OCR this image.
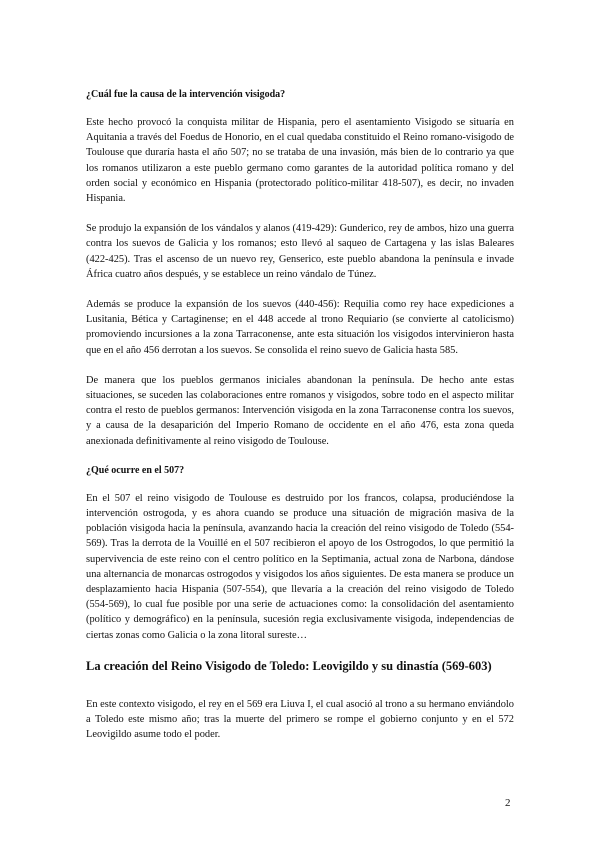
¿Cuál fue la causa de la intervención visigoda?

Este hecho provocó la conquista militar de Hispania, pero el asentamiento Visigodo se situaría en Aquitania a través del Foedus de Honorio, en el cual quedaba constituido el Reino romano-visigodo de Toulouse que duraría hasta el año 507; no se trataba de una invasión, más bien de lo contrario ya que los romanos utilizaron a este pueblo germano como garantes de la autoridad política romano y del orden social y económico en Hispania (protectorado político-militar 418-507), es decir, no invaden Hispania.

Se produjo la expansión de los vándalos y alanos (419-429): Gunderico, rey de ambos, hizo una guerra contra los suevos de Galicia y los romanos; esto llevó al saqueo de Cartagena y las islas Baleares (422-425). Tras el ascenso de un nuevo rey, Genserico, este pueblo abandona la península e invade África cuatro años después, y se establece un reino vándalo de Túnez.

Además se produce la expansión de los suevos (440-456): Requilia como rey hace expediciones a Lusitania, Bética y Cartaginense; en el 448 accede al trono Requiario (se convierte al catolicismo) promoviendo incursiones a la zona Tarraconense, ante esta situación los visigodos intervinieron hasta que en el año 456 derrotan a los suevos. Se consolida el reino suevo de Galicia hasta 585.

De manera que los pueblos germanos iniciales abandonan la península. De hecho ante estas situaciones, se suceden las colaboraciones entre romanos y visigodos, sobre todo en el aspecto militar contra el resto de pueblos germanos: Intervención visigoda en la zona Tarraconense contra los suevos, y a causa de la desaparición del Imperio Romano de occidente en el año 476, esta zona queda anexionada definitivamente al reino visigodo de Toulouse.

¿Qué ocurre en el 507?

En el 507 el reino visigodo de Toulouse es destruido por los francos, colapsa, produciéndose la intervención ostrogoda, y es ahora cuando se produce una situación de migración masiva de la población visigoda hacia la península, avanzando hacia la creación del reino visigodo de Toledo (554-569). Tras la derrota de la Vouillé en el 507 recibieron el apoyo de los Ostrogodos, lo que permitió la supervivencia de este reino con el centro político en la Septimania, actual zona de Narbona, dándose una alternancia de monarcas ostrogodos y visigodos los años siguientes. De esta manera se produce un desplazamiento hacia Hispania (507-554), que llevaría a la creación del reino visigodo de Toledo (554-569), lo cual fue posible por una serie de actuaciones como: la consolidación del asentamiento (político y demográfico) en la península, sucesión regia exclusivamente visigoda, independencias de ciertas zonas como Galicia o la zona litoral sureste…

La creación del Reino Visigodo de Toledo: Leovigildo y su dinastía (569-603)

En este contexto visigodo, el rey en el 569 era Liuva I, el cual asoció al trono a su hermano enviándolo a Toledo este mismo año; tras la muerte del primero se rompe el gobierno conjunto y en el 572 Leovigildo asume todo el poder.

2
